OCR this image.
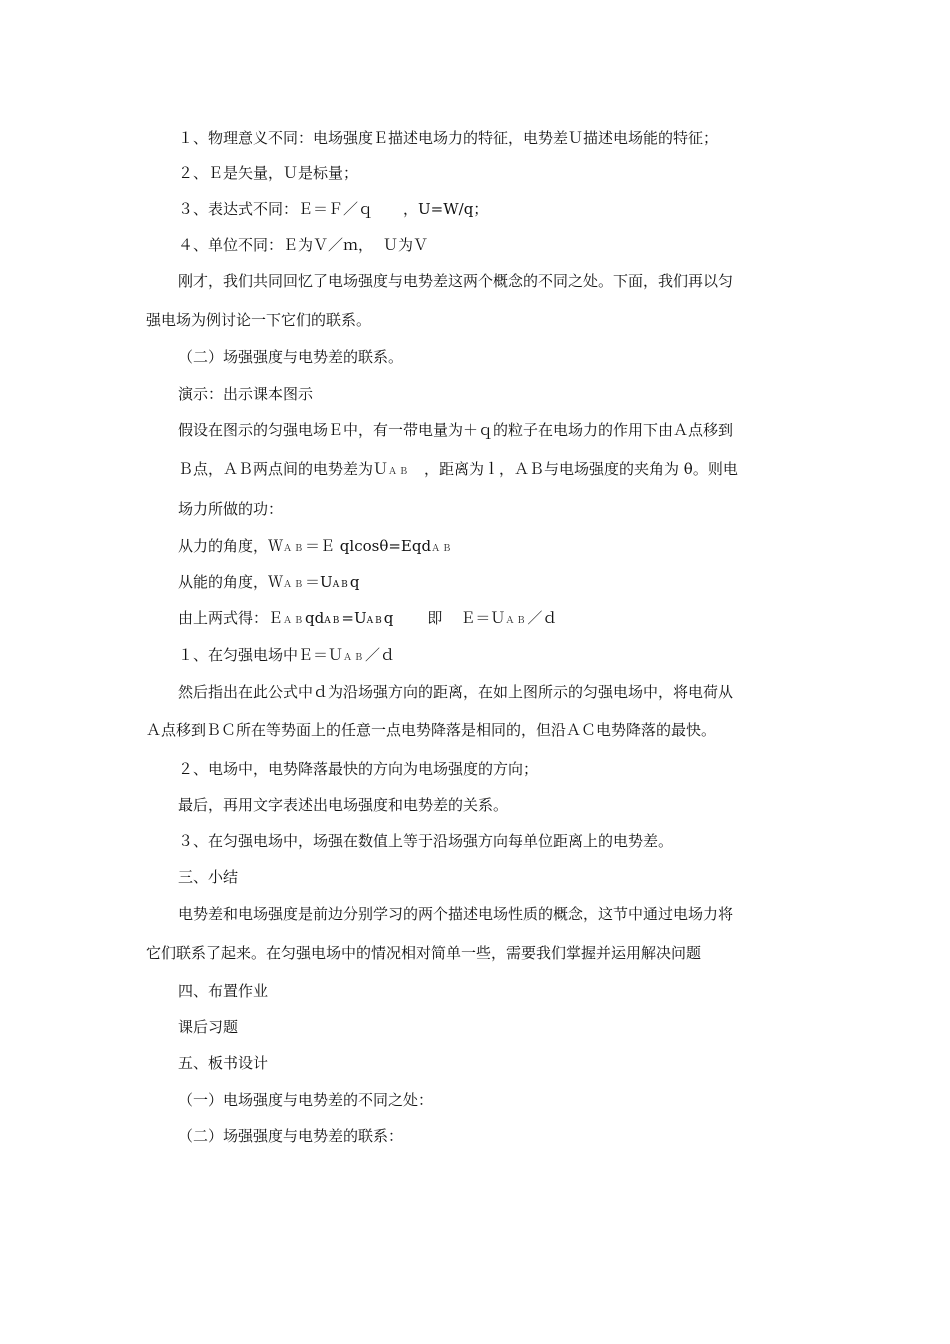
１、物理意义不同：电场强度Ｅ描述电场力的特征，电势差Ｕ描述电场能的特征；
２、Ｅ是矢量，Ｕ是标量；
３、表达式不同：Ｅ＝Ｆ／ｑ ，U=W/q；
４、单位不同：Ｅ为Ｖ／ｍ， Ｕ为Ｖ
刚才，我们共同回忆了电场强度与电势差这两个概念的不同之处。下面，我们再以匀
强电场为例讨论一下它们的联系。
（二）场强强度与电势差的联系。
演示：出示课本图示
假设在图示的匀强电场Ｅ中，有一带电量为＋ｑ的粒子在电场力的作用下由Ａ点移到
Ｂ点，ＡＢ两点间的电势差为ＵＡＢ ，距离为ｌ，ＡＢ与电场强度的夹角为 θ。则电
场力所做的功：
从力的角度，ＷＡＢ＝Ｅ qlcosθ=EqdＡＢ
从能的角度，ＷＡＢ＝UABq
由上两式得：ＥＡＢqdAB=UABq 即 Ｅ＝ＵＡＢ／ｄ
１、在匀强电场中Ｅ＝ＵＡＢ／ｄ
然后指出在此公式中ｄ为沿场强方向的距离，在如上图所示的匀强电场中，将电荷从
Ａ点移到ＢＣ所在等势面上的任意一点电势降落是相同的，但沿ＡＣ电势降落的最快。
２、电场中，电势降落最快的方向为电场强度的方向；
最后，再用文字表述出电场强度和电势差的关系。
３、在匀强电场中，场强在数值上等于沿场强方向每单位距离上的电势差。
三、小结
电势差和电场强度是前边分别学习的两个描述电场性质的概念，这节中通过电场力将
它们联系了起来。在匀强电场中的情况相对简单一些，需要我们掌握并运用解决问题
四、布置作业
课后习题
五、板书设计
（一）电场强度与电势差的不同之处：
（二）场强强度与电势差的联系：
